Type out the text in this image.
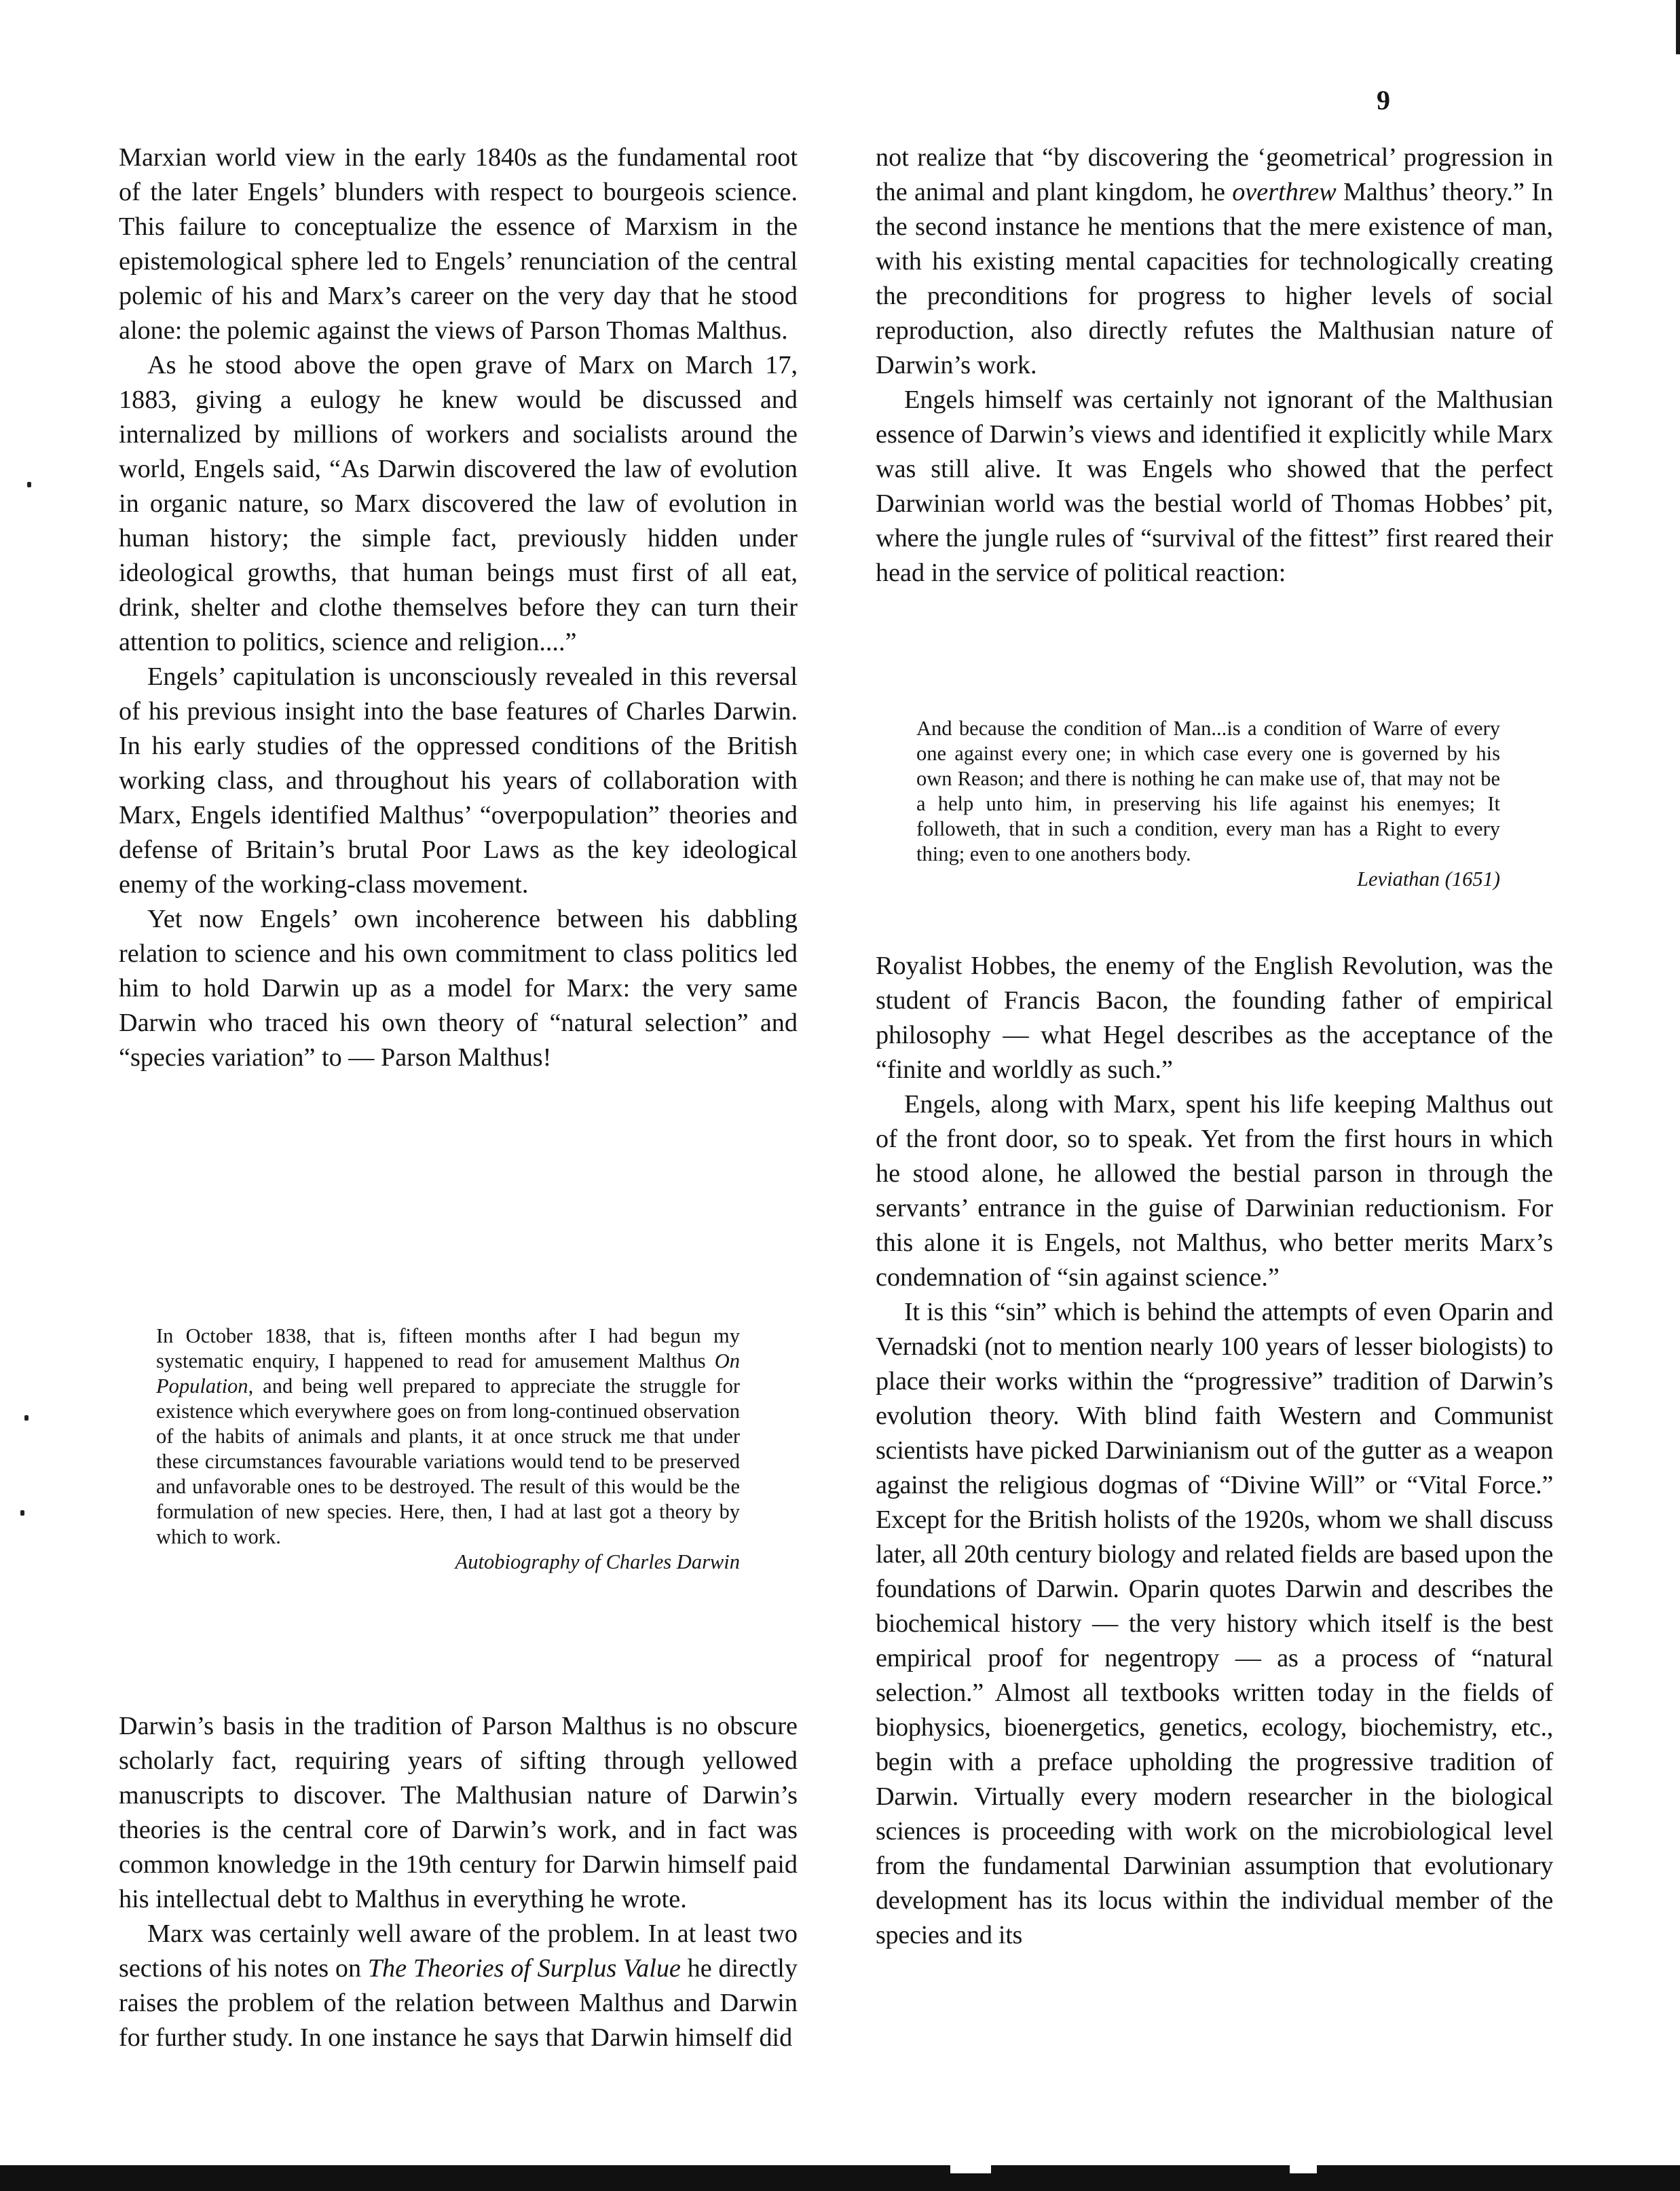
9

Marxian world view in the early 1840s as the fundamental root of the later Engels’ blunders with respect to bourgeois science. This failure to conceptualize the essence of Marxism in the epistemological sphere led to Engels’ renunciation of the central polemic of his and Marx’s career on the very day that he stood alone: the polemic against the views of Parson Thomas Malthus.

As he stood above the open grave of Marx on March 17, 1883, giving a eulogy he knew would be discussed and internalized by millions of workers and socialists around the world, Engels said, “As Darwin discovered the law of evolution in organic nature, so Marx discovered the law of evolution in human history; the simple fact, previously hidden under ideological growths, that human beings must first of all eat, drink, shelter and clothe themselves before they can turn their attention to politics, science and religion....”

Engels’ capitulation is unconsciously revealed in this reversal of his previous insight into the base features of Charles Darwin. In his early studies of the oppressed conditions of the British working class, and throughout his years of collaboration with Marx, Engels identified Malthus’ “overpopulation” theories and defense of Britain’s brutal Poor Laws as the key ideological enemy of the working-class movement.

Yet now Engels’ own incoherence between his dabbling relation to science and his own commitment to class politics led him to hold Darwin up as a model for Marx: the very same Darwin who traced his own theory of “natural selection” and “species variation” to — Parson Malthus!

In October 1838, that is, fifteen months after I had begun my systematic enquiry, I happened to read for amusement Malthus On Population, and being well prepared to appreciate the struggle for existence which everywhere goes on from long-continued observation of the habits of animals and plants, it at once struck me that under these circumstances favourable variations would tend to be preserved and unfavorable ones to be destroyed. The result of this would be the formulation of new species. Here, then, I had at last got a theory by which to work.

Autobiography of Charles Darwin

Darwin’s basis in the tradition of Parson Malthus is no obscure scholarly fact, requiring years of sifting through yellowed manuscripts to discover. The Malthusian nature of Darwin’s theories is the central core of Darwin’s work, and in fact was common knowledge in the 19th century for Darwin himself paid his intellectual debt to Malthus in everything he wrote.

Marx was certainly well aware of the problem. In at least two sections of his notes on The Theories of Surplus Value he directly raises the problem of the relation between Malthus and Darwin for further study. In one instance he says that Darwin himself did

not realize that “by discovering the ‘geometrical’ progression in the animal and plant kingdom, he overthrew Malthus’ theory.” In the second instance he mentions that the mere existence of man, with his existing mental capacities for technologically creating the preconditions for progress to higher levels of social reproduction, also directly refutes the Malthusian nature of Darwin’s work.

Engels himself was certainly not ignorant of the Malthusian essence of Darwin’s views and identified it explicitly while Marx was still alive. It was Engels who showed that the perfect Darwinian world was the bestial world of Thomas Hobbes’ pit, where the jungle rules of “survival of the fittest” first reared their head in the service of political reaction:

And because the condition of Man...is a condition of Warre of every one against every one; in which case every one is governed by his own Reason; and there is nothing he can make use of, that may not be a help unto him, in preserving his life against his enemyes; It followeth, that in such a condition, every man has a Right to every thing; even to one anothers body.

Leviathan (1651)

Royalist Hobbes, the enemy of the English Revolution, was the student of Francis Bacon, the founding father of empirical philosophy — what Hegel describes as the acceptance of the “finite and worldly as such.”

Engels, along with Marx, spent his life keeping Malthus out of the front door, so to speak. Yet from the first hours in which he stood alone, he allowed the bestial parson in through the servants’ entrance in the guise of Darwinian reductionism. For this alone it is Engels, not Malthus, who better merits Marx’s condemnation of “sin against science.”

It is this “sin” which is behind the attempts of even Oparin and Vernadski (not to mention nearly 100 years of lesser biologists) to place their works within the “progressive” tradition of Darwin’s evolution theory. With blind faith Western and Communist scientists have picked Darwinianism out of the gutter as a weapon against the religious dogmas of “Divine Will” or “Vital Force.” Except for the British holists of the 1920s, whom we shall discuss later, all 20th century biology and related fields are based upon the foundations of Darwin. Oparin quotes Darwin and describes the biochemical history — the very history which itself is the best empirical proof for negentropy — as a process of “natural selection.” Almost all textbooks written today in the fields of biophysics, bioenergetics, genetics, ecology, biochemistry, etc., begin with a preface upholding the progressive tradition of Darwin. Virtually every modern researcher in the biological sciences is proceeding with work on the microbiological level from the fundamental Darwinian assumption that evolutionary development has its locus within the individual member of the species and its
